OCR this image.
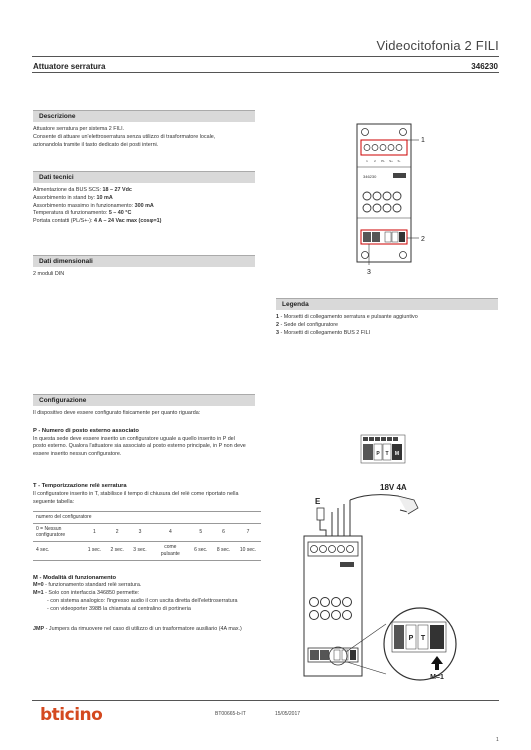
Videocitofonia 2 FILI
Attuatore serratura	346230
Descrizione
Attuatore serratura per sistema 2 FILI.
Consente di attuare un'elettroserratura senza utilizzo di trasformatore locale,
azionandola tramite il tasto dedicato dei posti interni.
Dati tecnici
Alimentazione da BUS SCS: 18 – 27 Vdc
Assorbimento in stand by: 10 mA
Assorbimento massimo in funzionamento: 300 mA
Temperatura di funzionamento: 5 – 40 °C
Portata contatti (PL/S+-): 4 A – 24 Vac max (cosφ=1)
Dati dimensionali
2 moduli DIN
Legenda
1 - Morsetti di collegamento serratura e pulsante aggiuntivo
2 - Sede del configuratore
3 - Morsetti di collegamento BUS 2 FILI
Configurazione
Il dispositivo deve essere configurato fisicamente per quanto riguarda:
P - Numero di posto esterno associato
In questa sede deve essere inserito un configuratore uguale a quello inserito in P del
posto esterno. Qualora l'attuatore sia associato al posto esterno principale, in P non deve
essere inserito nessun configuratore.
T - Temporizzazione relè serratura
Il configuratore inserito in T, stabilisce il tempo di chiusura del relè come riportato nella
seguente tabella:
numero del configuratore							
0 = Nessun configuratore	1	2	3	4	5	6	7
4 sec.	1 sec.	2 sec.	3 sec.	come pulsante	6 sec.	8 sec.	10 sec.
M - Modalità di funzionamento
M=0 - funzionamento standard relè serratura.
M=1 - Solo con interfaccia 346850 permette:
- con sistema analogico: l'ingresso audio il con uscita diretta dell'elettroserratura
- con videoporter 398B la chiamata al centralino di portineria
JMP - Jumpers da rimuovere nel caso di utilizzo di un trasformatore ausiliario (4A max.)
1 2 PL S+ S-
346230
1
2
3
P T M
18V 4A
E
P T
M=1
bticino	BT00665-b-IT	15/05/2017
1
